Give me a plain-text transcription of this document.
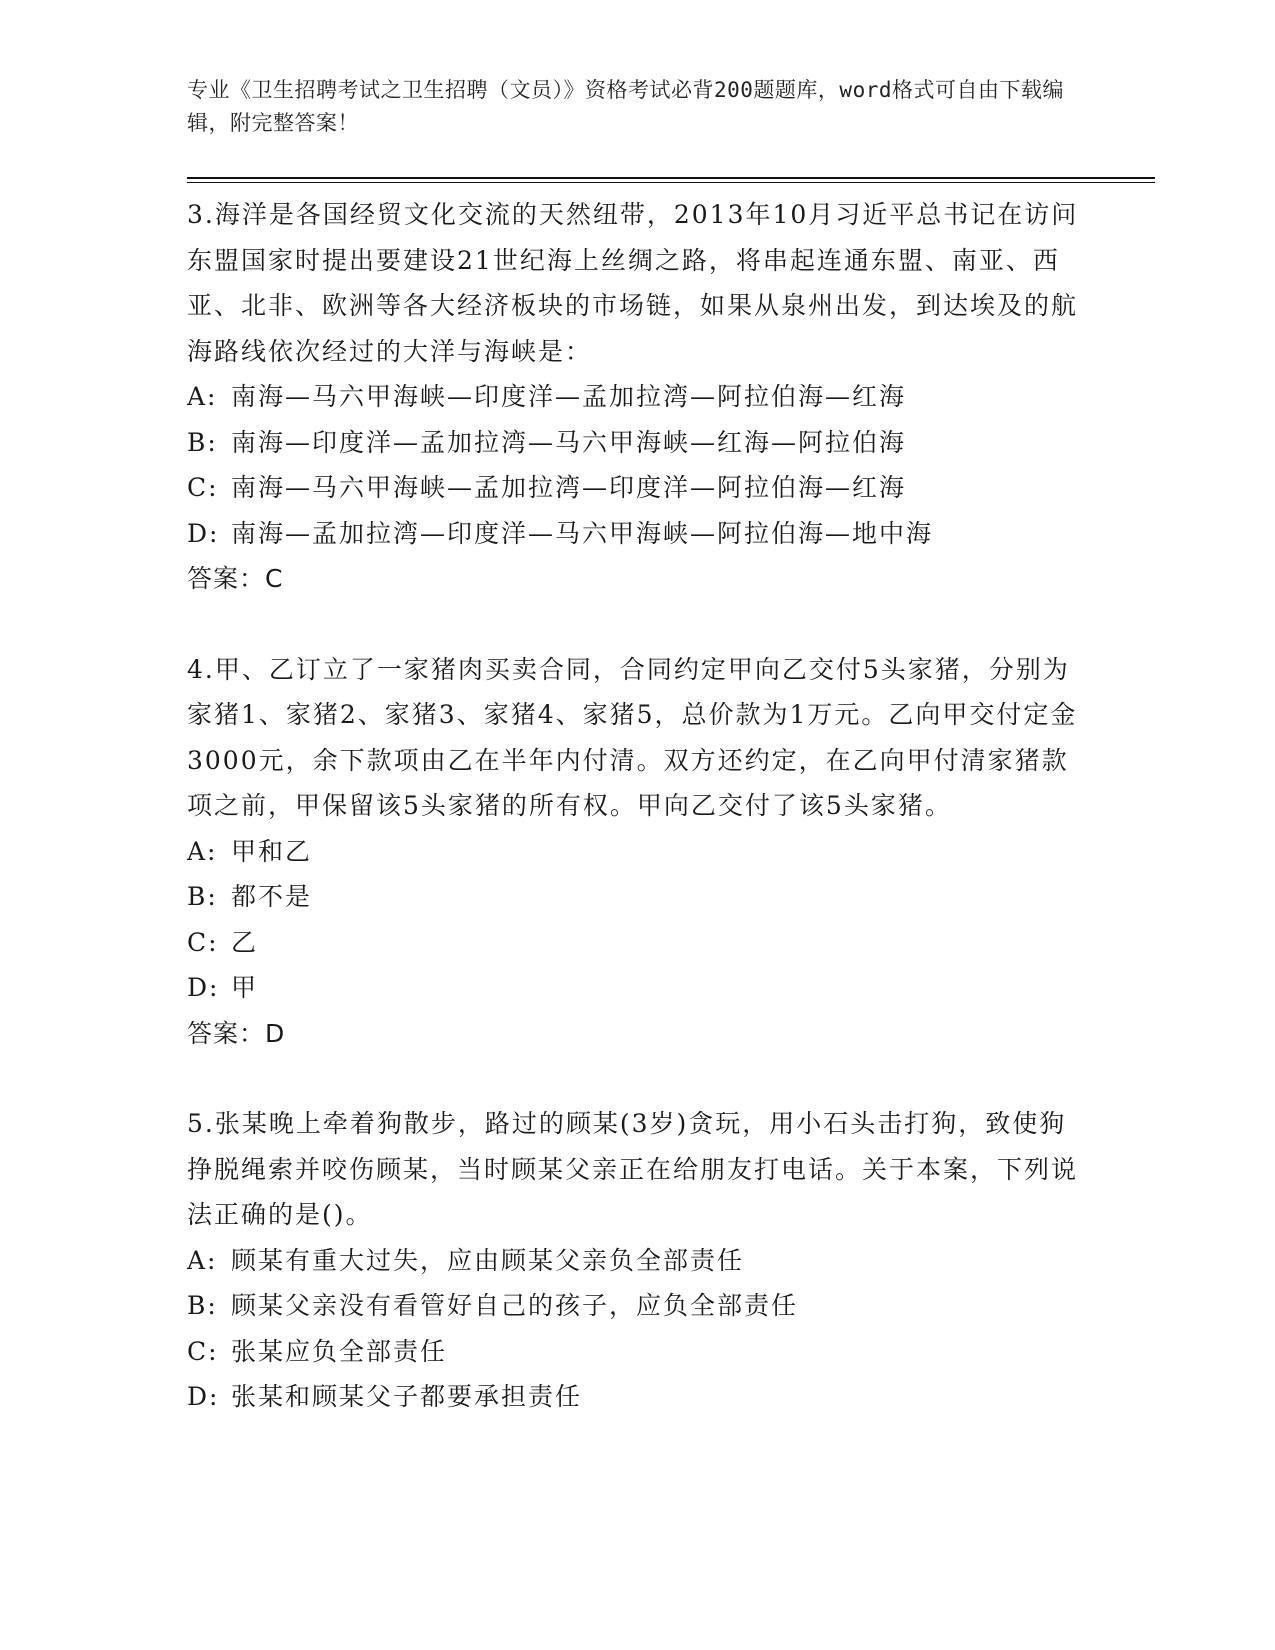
专业《卫生招聘考试之卫生招聘（文员）》资格考试必背200题题库，word格式可自由下载编辑，附完整答案！

3.海洋是各国经贸文化交流的天然纽带，2013年10月习近平总书记在访问东盟国家时提出要建设21世纪海上丝绸之路，将串起连通东盟、南亚、西亚、北非、欧洲等各大经济板块的市场链，如果从泉州出发，到达埃及的航海路线依次经过的大洋与海峡是：

A: 南海—马六甲海峡—印度洋—孟加拉湾—阿拉伯海—红海

B: 南海—印度洋—孟加拉湾—马六甲海峡—红海—阿拉伯海

C: 南海—马六甲海峡—孟加拉湾—印度洋—阿拉伯海—红海

D: 南海—孟加拉湾—印度洋—马六甲海峡—阿拉伯海—地中海

答案：C

4.甲、乙订立了一家猪肉买卖合同，合同约定甲向乙交付5头家猪，分别为家猪1、家猪2、家猪3、家猪4、家猪5，总价款为1万元。乙向甲交付定金3000元，余下款项由乙在半年内付清。双方还约定，在乙向甲付清家猪款项之前，甲保留该5头家猪的所有权。甲向乙交付了该5头家猪。

A: 甲和乙

B: 都不是

C: 乙

D: 甲

答案：D

5.张某晚上牵着狗散步，路过的顾某(3岁)贪玩，用小石头击打狗，致使狗挣脱绳索并咬伤顾某，当时顾某父亲正在给朋友打电话。关于本案，下列说法正确的是()。

A: 顾某有重大过失，应由顾某父亲负全部责任

B: 顾某父亲没有看管好自己的孩子，应负全部责任

C: 张某应负全部责任

D: 张某和顾某父子都要承担责任
